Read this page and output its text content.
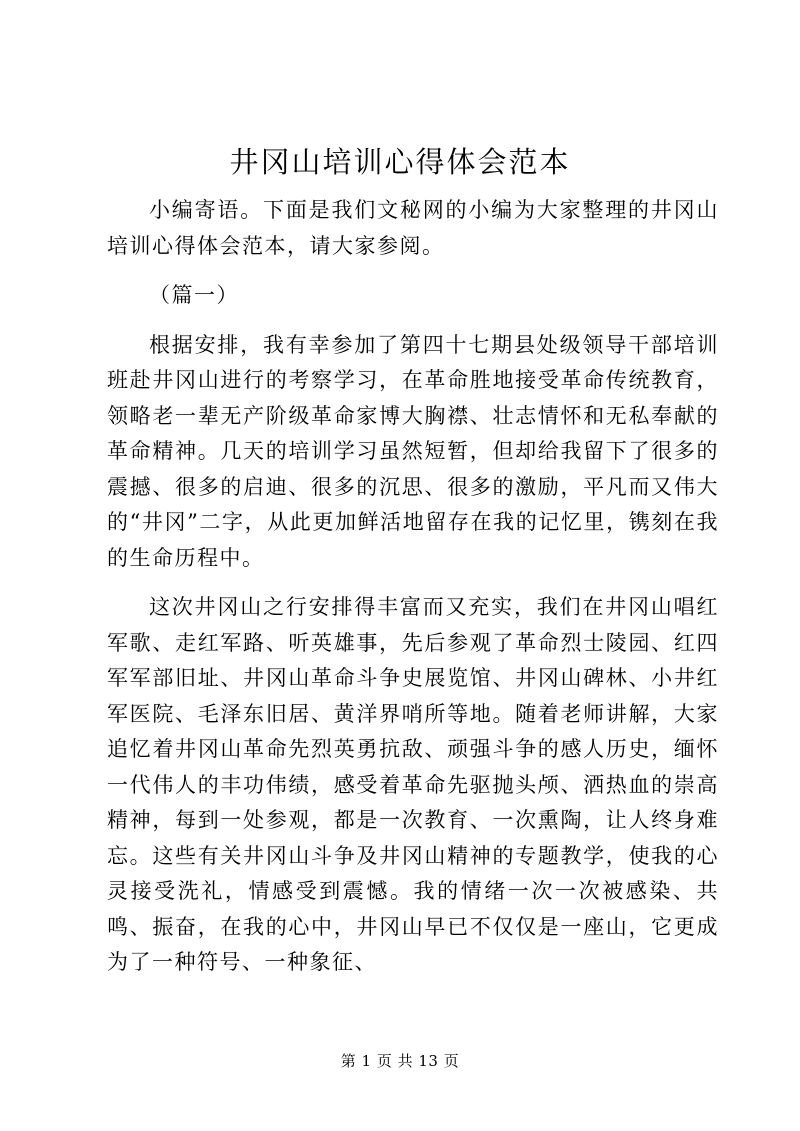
井冈山培训心得体会范本

小编寄语。下面是我们文秘网的小编为大家整理的井冈山培训心得体会范本，请大家参阅。

（篇一）

根据安排，我有幸参加了第四十七期县处级领导干部培训班赴井冈山进行的考察学习，在革命胜地接受革命传统教育，领略老一辈无产阶级革命家博大胸襟、壮志情怀和无私奉献的革命精神。几天的培训学习虽然短暂，但却给我留下了很多的震撼、很多的启迪、很多的沉思、很多的激励，平凡而又伟大的“井冈”二字，从此更加鲜活地留存在我的记忆里，镌刻在我的生命历程中。

这次井冈山之行安排得丰富而又充实，我们在井冈山唱红军歌、走红军路、听英雄事，先后参观了革命烈士陵园、红四军军部旧址、井冈山革命斗争史展览馆、井冈山碑林、小井红军医院、毛泽东旧居、黄洋界哨所等地。随着老师讲解，大家追忆着井冈山革命先烈英勇抗敌、顽强斗争的感人历史，缅怀一代伟人的丰功伟绩，感受着革命先驱抛头颅、洒热血的崇高精神，每到一处参观，都是一次教育、一次熏陶，让人终身难忘。这些有关井冈山斗争及井冈山精神的专题教学，使我的心灵接受洗礼，情感受到震憾。我的情绪一次一次被感染、共鸣、振奋，在我的心中，井冈山早已不仅仅是一座山，它更成为了一种符号、一种象征、

第 1 页 共 13 页
